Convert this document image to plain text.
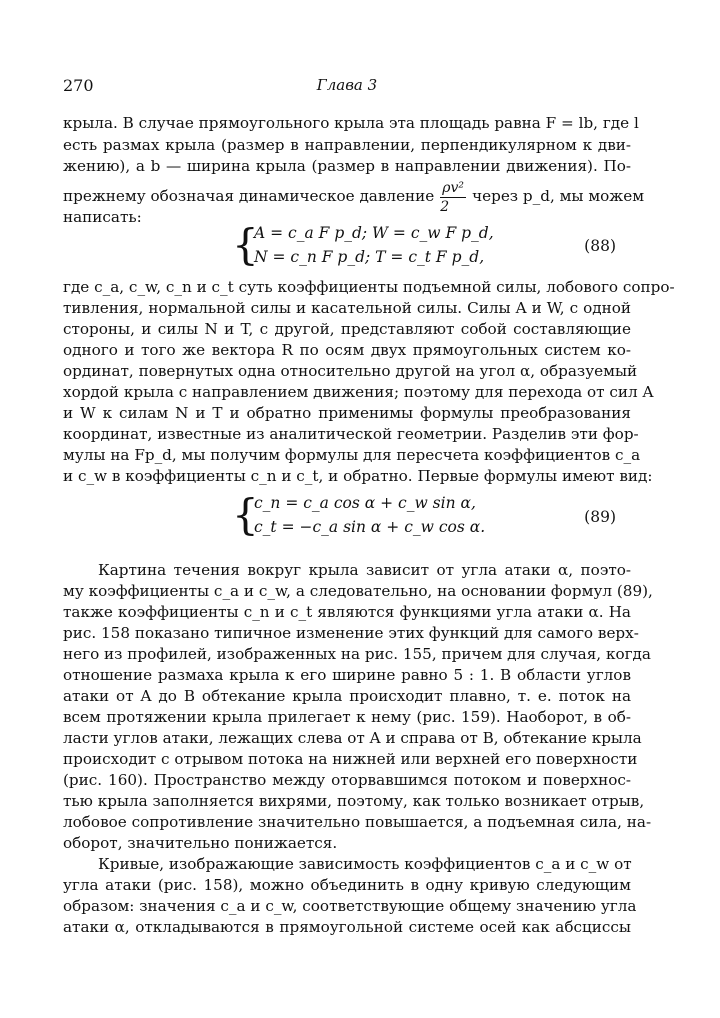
270	Глава 3
крыла. В случае прямоугольного крыла эта площадь равна F = lb, где l
есть размах крыла (размер в направлении, перпендикулярном к дви-
жению), а b — ширина крыла (размер в направлении движения). По-
прежнему обозначая динамическое давление $\frac{\text{ρv²}}{2}$ через p_d, мы можем
написать:
{
A = c_a F p_d; W = c_w F p_d,
N = c_n F p_d; T = c_t F p_d,
(88)
где c_a, c_w, c_n и c_t суть коэффициенты подъемной силы, лобового сопро-
тивления, нормальной силы и касательной силы. Силы A и W, с одной
стороны, и силы N и T, с другой, представляют собой составляющие
одного и того же вектора R по осям двух прямоугольных систем ко-
ординат, повернутых одна относительно другой на угол α, образуемый
хордой крыла c направлением движения; поэтому для перехода от сил A
и W к силам N и T и обратно применимы формулы преобразования
координат, известные из аналитической геометрии. Разделив эти фор-
мулы на Fp_d, мы получим формулы для пересчета коэффициентов c_a
и c_w в коэффициенты c_n и c_t, и обратно. Первые формулы имеют вид:
{
c_n = c_a cos α + c_w sin α,
c_t = −c_a sin α + c_w cos α.
(89)
Картина течения вокруг крыла зависит от угла атаки α, поэто-
му коэффициенты c_a и c_w, а следовательно, на основании формул (89),
также коэффициенты c_n и c_t являются функциями угла атаки α. На
рис. 158 показано типичное изменение этих функций для самого верх-
него из профилей, изображенных на рис. 155, причем для случая, когда
отношение размаха крыла к его ширине равно 5 : 1. В области углов
атаки от A до B обтекание крыла происходит плавно, т. е. поток на
всем протяжении крыла прилегает к нему (рис. 159). Наоборот, в об-
ласти углов атаки, лежащих слева от A и справа от B, обтекание крыла
происходит с отрывом потока на нижней или верхней его поверхности
(рис. 160). Пространство между оторвавшимся потоком и поверхнос-
тью крыла заполняется вихрями, поэтому, как только возникает отрыв,
лобовое сопротивление значительно повышается, а подъемная сила, на-
оборот, значительно понижается.
Кривые, изображающие зависимость коэффициентов c_a и c_w от
угла атаки (рис. 158), можно объединить в одну кривую следующим
образом: значения c_a и c_w, соответствующие общему значению угла
атаки α, откладываются в прямоугольной системе осей как абсциссы
